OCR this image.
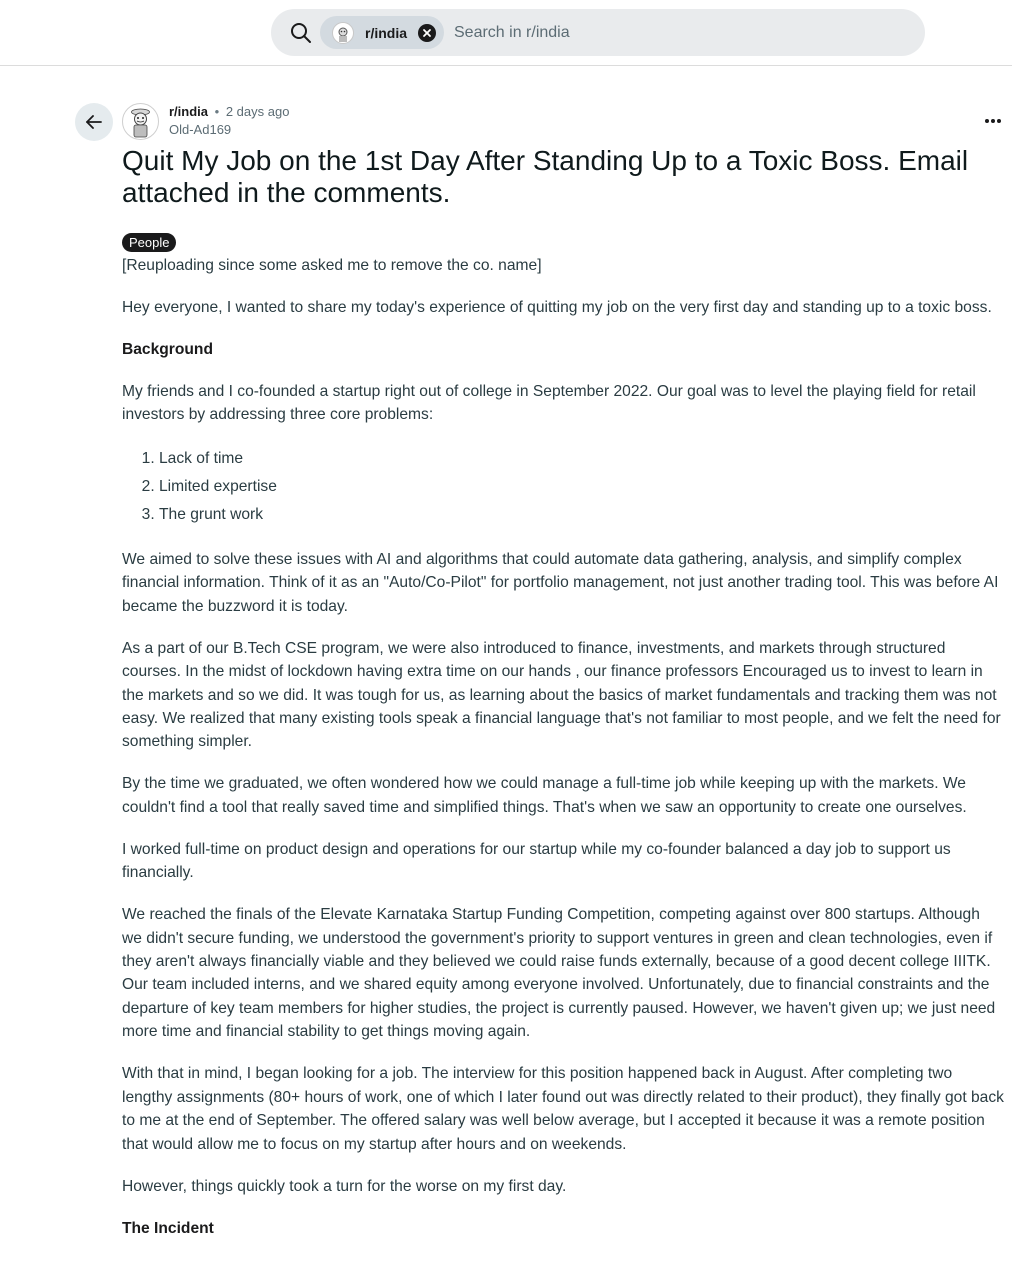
r/india	Search in r/india
r/india • 2 days ago
Old-Ad169
Quit My Job on the 1st Day After Standing Up to a Toxic Boss. Email attached in the comments.
People

[Reuploading since some asked me to remove the co. name]

Hey everyone, I wanted to share my today's experience of quitting my job on the very first day and standing up to a toxic boss.

Background

My friends and I co-founded a startup right out of college in September 2022. Our goal was to level the playing field for retail investors by addressing three core problems:

1. Lack of time
2. Limited expertise
3. The grunt work

We aimed to solve these issues with AI and algorithms that could automate data gathering, analysis, and simplify complex financial information. Think of it as an "Auto/Co-Pilot" for portfolio management, not just another trading tool. This was before AI became the buzzword it is today.

As a part of our B.Tech CSE program, we were also introduced to finance, investments, and markets through structured courses. In the midst of lockdown having extra time on our hands , our finance professors Encouraged us to invest to learn in the markets and so we did. It was tough for us, as learning about the basics of market fundamentals and tracking them was not easy. We realized that many existing tools speak a financial language that's not familiar to most people, and we felt the need for something simpler.

By the time we graduated, we often wondered how we could manage a full-time job while keeping up with the markets. We couldn't find a tool that really saved time and simplified things. That's when we saw an opportunity to create one ourselves.

I worked full-time on product design and operations for our startup while my co-founder balanced a day job to support us financially.

We reached the finals of the Elevate Karnataka Startup Funding Competition, competing against over 800 startups. Although we didn't secure funding, we understood the government's priority to support ventures in green and clean technologies, even if they aren't always financially viable and they believed we could raise funds externally, because of a good decent college IIITK. Our team included interns, and we shared equity among everyone involved. Unfortunately, due to financial constraints and the departure of key team members for higher studies, the project is currently paused. However, we haven't given up; we just need more time and financial stability to get things moving again.

With that in mind, I began looking for a job. The interview for this position happened back in August. After completing two lengthy assignments (80+ hours of work, one of which I later found out was directly related to their product), they finally got back to me at the end of September. The offered salary was well below average, but I accepted it because it was a remote position that would allow me to focus on my startup after hours and on weekends.

However, things quickly took a turn for the worse on my first day.

The Incident
